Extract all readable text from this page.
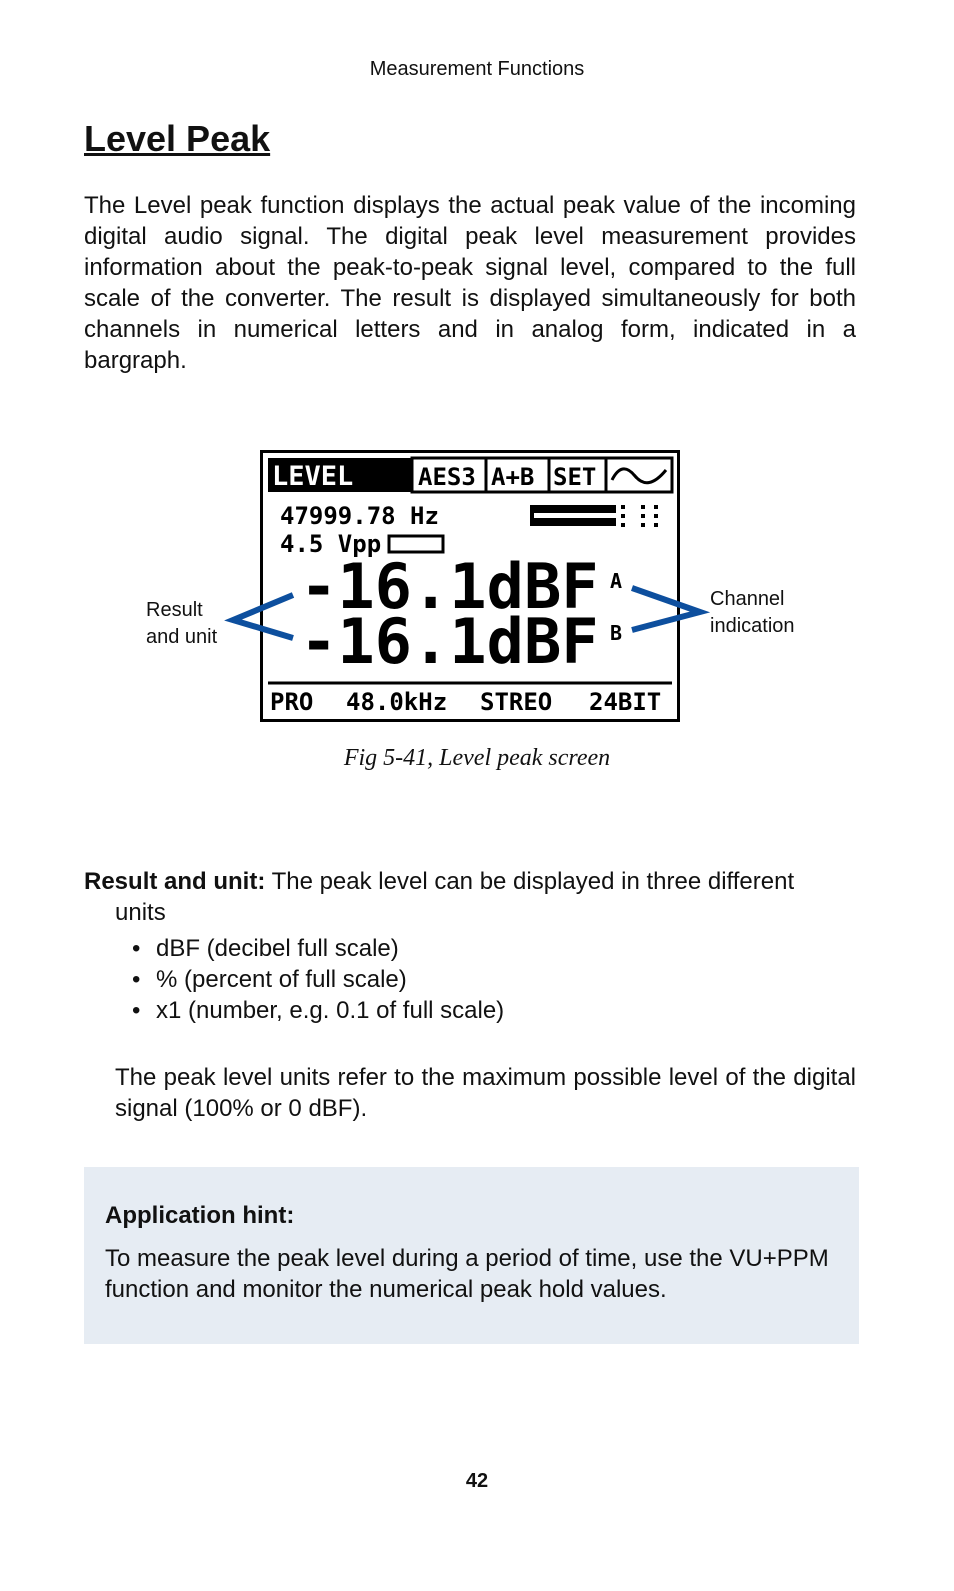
Measurement Functions
Level Peak
The Level peak function displays the actual peak value of the incoming digital audio signal. The digital peak level measurement provides information about the peak-to-peak signal level, compared to the full scale of the converter. The result is displayed simultaneously for both channels in numerical letters and in analog form, indicated in a bargraph.
LEVEL	AES3 A+B SET
47999.78 Hz
4.5 Vpp
-16.1dBF A
-16.1dBF B
PRO 48.0kHz STREO 24BIT
Result
and unit
Channel
indication
Fig 5-41, Level peak screen
Result and unit: The peak level can be displayed in three different
units
• dBF (decibel full scale)
• % (percent of full scale)
• x1 (number, e.g. 0.1 of full scale)
The peak level units refer to the maximum possible level of the digital signal (100% or 0 dBF).
Application hint:
To measure the peak level during a period of time, use the VU+PPM function and monitor the numerical peak hold values.
42
